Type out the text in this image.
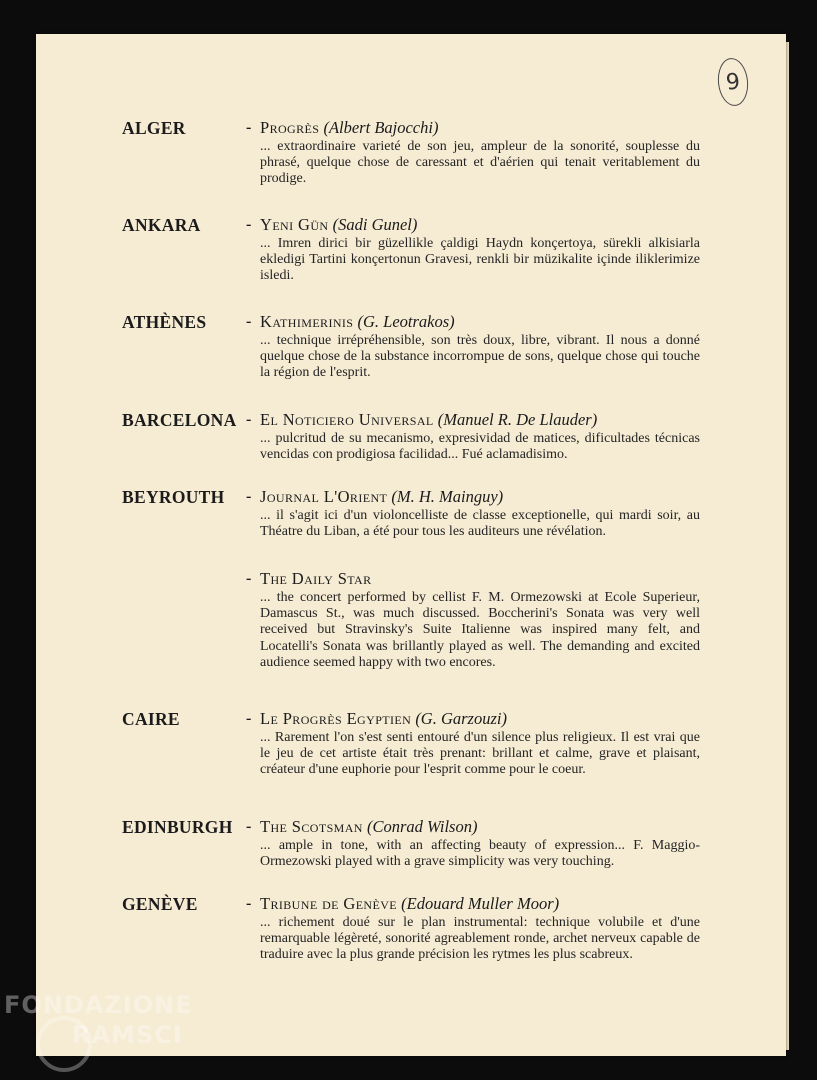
9
ALGER	- Progrès (Albert Bajocchi)
... extraordinaire varieté de son jeu, ampleur de la sonorité, souplesse du phrasé, quelque chose de caressant et d'aérien qui tenait veritablement du prodige.
ANKARA	- Yeni Gün (Sadi Gunel)
... Imren dirici bir güzellikle çaldigi Haydn konçertoya, sürekli alkisiarla ekledigi Tartini konçertonun Gravesi, renkli bir müzikalite içinde iliklerimize isledi.
ATHÈNES - Kathimerinis (G. Leotrakos)
... technique irrépréhensible, son très doux, libre, vibrant. Il nous a donné quelque chose de la substance incorrompue de sons, quelque chose qui touche la région de l'esprit.
BARCELONA - El Noticiero Universal (Manuel R. De Llauder)
... pulcritud de su mecanismo, expresividad de matices, dificultades técnicas vencidas con prodigiosa facilidad... Fué aclamadisimo.
BEYROUTH - Journal L'Orient (M. H. Mainguy)
... il s'agit ici d'un violoncelliste de classe exceptionelle, qui mardi soir, au Théatre du Liban, a été pour tous les auditeurs une révélation.
- The Daily Star
... the concert performed by cellist F. M. Ormezowski at Ecole Superieur, Damascus St., was much discussed. Boccherini's Sonata was very well received but Stravinsky's Suite Italienne was inspired many felt, and Locatelli's Sonata was brillantly played as well. The demanding and excited audience seemed happy with two encores.
CAIRE	- Le Progrès Egyptien (G. Garzouzi)
... Rarement l'on s'est senti entouré d'un silence plus religieux. Il est vrai que le jeu de cet artiste était très prenant: brillant et calme, grave et plaisant, créateur d'une euphorie pour l'esprit comme pour le coeur.
EDINBURGH - The Scotsman (Conrad Wilson)
... ample in tone, with an affecting beauty of expression... F. Maggio-Ormezowski played with a grave simplicity was very touching.
GENÈVE	- Tribune de Genève (Edouard Muller Moor)
... richement doué sur le plan instrumental: technique volubile et d'une remarquable légèreté, sonorité agreablement ronde, archet nerveux capable de traduire avec la plus grande précision les rytmes les plus scabreux.
FONDAZIONE
RAMSCI
